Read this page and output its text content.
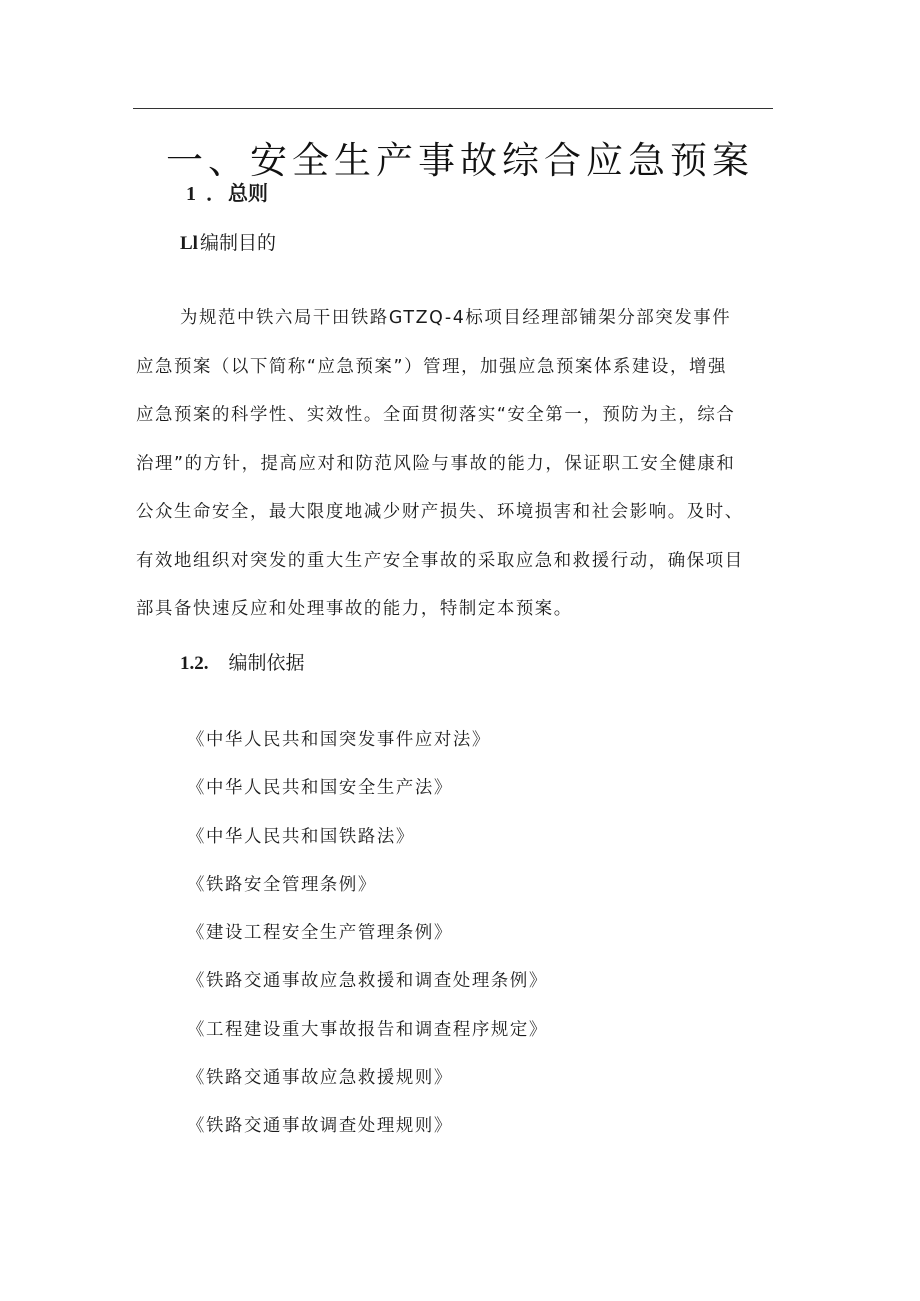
一、安全生产事故综合应急预案
1 ． 总则
Ll 编制目的
为规范中铁六局干田铁路GTZQ-4标项目经理部铺架分部突发事件
应急预案（以下简称“应急预案”）管理，加强应急预案体系建设，增强
应急预案的科学性、实效性。全面贯彻落实“安全第一，预防为主，综合
治理”的方针，提高应对和防范风险与事故的能力，保证职工安全健康和
公众生命安全，最大限度地减少财产损失、环境损害和社会影响。及时、
有效地组织对突发的重大生产安全事故的采取应急和救援行动，确保项目
部具备快速反应和处理事故的能力，特制定本预案。
1.2. 编制依据
《中华人民共和国突发事件应对法》
《中华人民共和国安全生产法》
《中华人民共和国铁路法》
《铁路安全管理条例》
《建设工程安全生产管理条例》
《铁路交通事故应急救援和调查处理条例》
《工程建设重大事故报告和调查程序规定》
《铁路交通事故应急救援规则》
《铁路交通事故调查处理规则》
